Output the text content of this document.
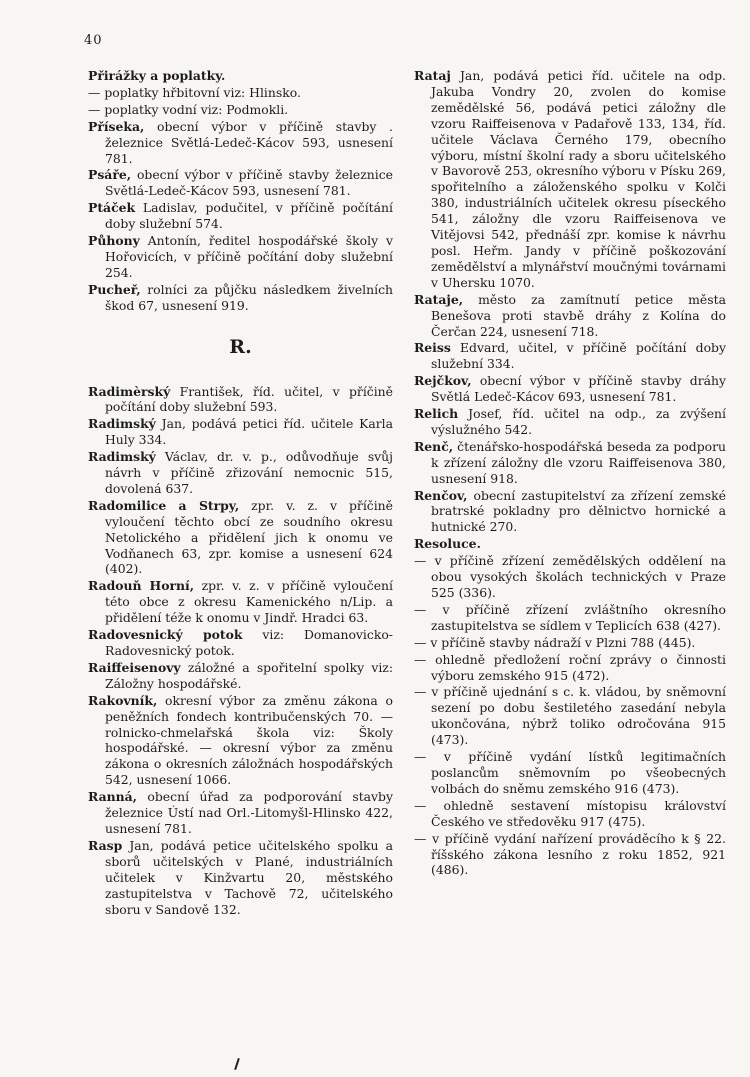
40
Přirážky a poplatky.
— poplatky hřbitovní viz: Hlinsko.
— poplatky vodní viz: Podmokli.
Příseka, obecní výbor v příčině stavby . železnice Světlá-Ledeč-Kácov 593, usnesení 781.
Psáře, obecní výbor v příčině stavby železnice Světlá-Ledeč-Kácov 593, usnesení 781.
Ptáček Ladislav, podučitel, v příčině počítání doby služební 574.
Půhony Antonín, ředitel hospodářské školy v Hořovicích, v příčině počítání doby služební 254.
Pucheř, rolníci za půjčku následkem živelních škod 67, usnesení 919.
R.
Radimèrský František, říd. učitel, v příčině počítání doby služební 593.
Radimský Jan, podává petici říd. učitele Karla Huly 334.
Radimský Václav, dr. v. p., odůvodňuje svůj návrh v příčině zřizování nemocnic 515, dovolená 637.
Radomilice a Strpy, zpr. v. z. v příčině vyloučení těchto obcí ze soudního okresu Netolického a přidělení jich k onomu ve Vodňanech 63, zpr. komise a usnesení 624 (402).
Radouň Horní, zpr. v. z. v příčině vyloučení této obce z okresu Kamenického n/Lip. a přidělení téže k onomu v Jindř. Hradci 63.
Radovesnický potok viz: Domanovicko-Radovesnický potok.
Raiffeisenovy záložné a spořitelní spolky viz: Záložny hospodářské.
Rakovník, okresní výbor za změnu zákona o peněžních fondech kontribučenských 70. — rolnicko-chmelařská škola viz: Školy hospodářské. — okresní výbor za změnu zákona o okresních záložnách hospodářských 542, usnesení 1066.
Ranná, obecní úřad za podporování stavby železnice Ústí nad Orl.-Litomyšl-Hlinsko 422, usnesení 781.
Rasp Jan, podává petice učitelského spolku a sborů učitelských v Plané, industriálních učitelek v Kinžvartu 20, městského zastupitelstva v Tachově 72, učitelského sboru v Sandově 132.
Rataj Jan, podává petici říd. učitele na odp. Jakuba Vondry 20, zvolen do komise zemědělské 56, podává petici záložny dle vzoru Raiffeisenova v Padařově 133, 134, říd. učitele Václava Černého 179, obecního výboru, místní školní rady a sboru učitelského v Bavorově 253, okresního výboru v Písku 269, spořitelního a záloženského spolku v Kolči 380, industriálních učitelek okresu píseckého 541, záložny dle vzoru Raiffeisenova ve Vitějovsi 542, přednáší zpr. komise k návrhu posl. Heřm. Jandy v příčině poškozování zemědělství a mlynářství moučnými továrnami v Uhersku 1070.
Rataje, město za zamítnutí petice města Benešova proti stavbě dráhy z Kolína do Čerčan 224, usnesení 718.
Reiss Edvard, učitel, v příčině počítání doby služební 334.
Rejčkov, obecní výbor v příčině stavby dráhy Světlá Ledeč-Kácov 693, usnesení 781.
Relich Josef, říd. učitel na odp., za zvýšení výslužného 542.
Renč, čtenářsko-hospodářská beseda za podporu k zřízení záložny dle vzoru Raiffeisenova 380, usnesení 918.
Renčov, obecní zastupitelství za zřízení zemské bratrské pokladny pro dělnictvo hornické a hutnické 270.
Resoluce.
— v příčině zřízení zemědělských oddělení na obou vysokých školách technických v Praze 525 (336).
— v příčině zřízení zvláštního okresního zastupitelstva se sídlem v Teplicích 638 (427).
— v příčině stavby nádraží v Plzni 788 (445).
— ohledně předložení roční zprávy o činnosti výboru zemského 915 (472).
— v příčině ujednání s c. k. vládou, by sněmovní sezení po dobu šestiletého zasedání nebyla ukončována, nýbrž toliko odročována 915 (473).
— v příčině vydání lístků legitimačních poslancům sněmovním po všeobecných volbách do sněmu zemského 916 (473).
— ohledně sestavení místopisu království Českého ve středověku 917 (475).
— v příčině vydání nařízení prováděcího k § 22. říšského zákona lesního z roku 1852, 921 (486).
